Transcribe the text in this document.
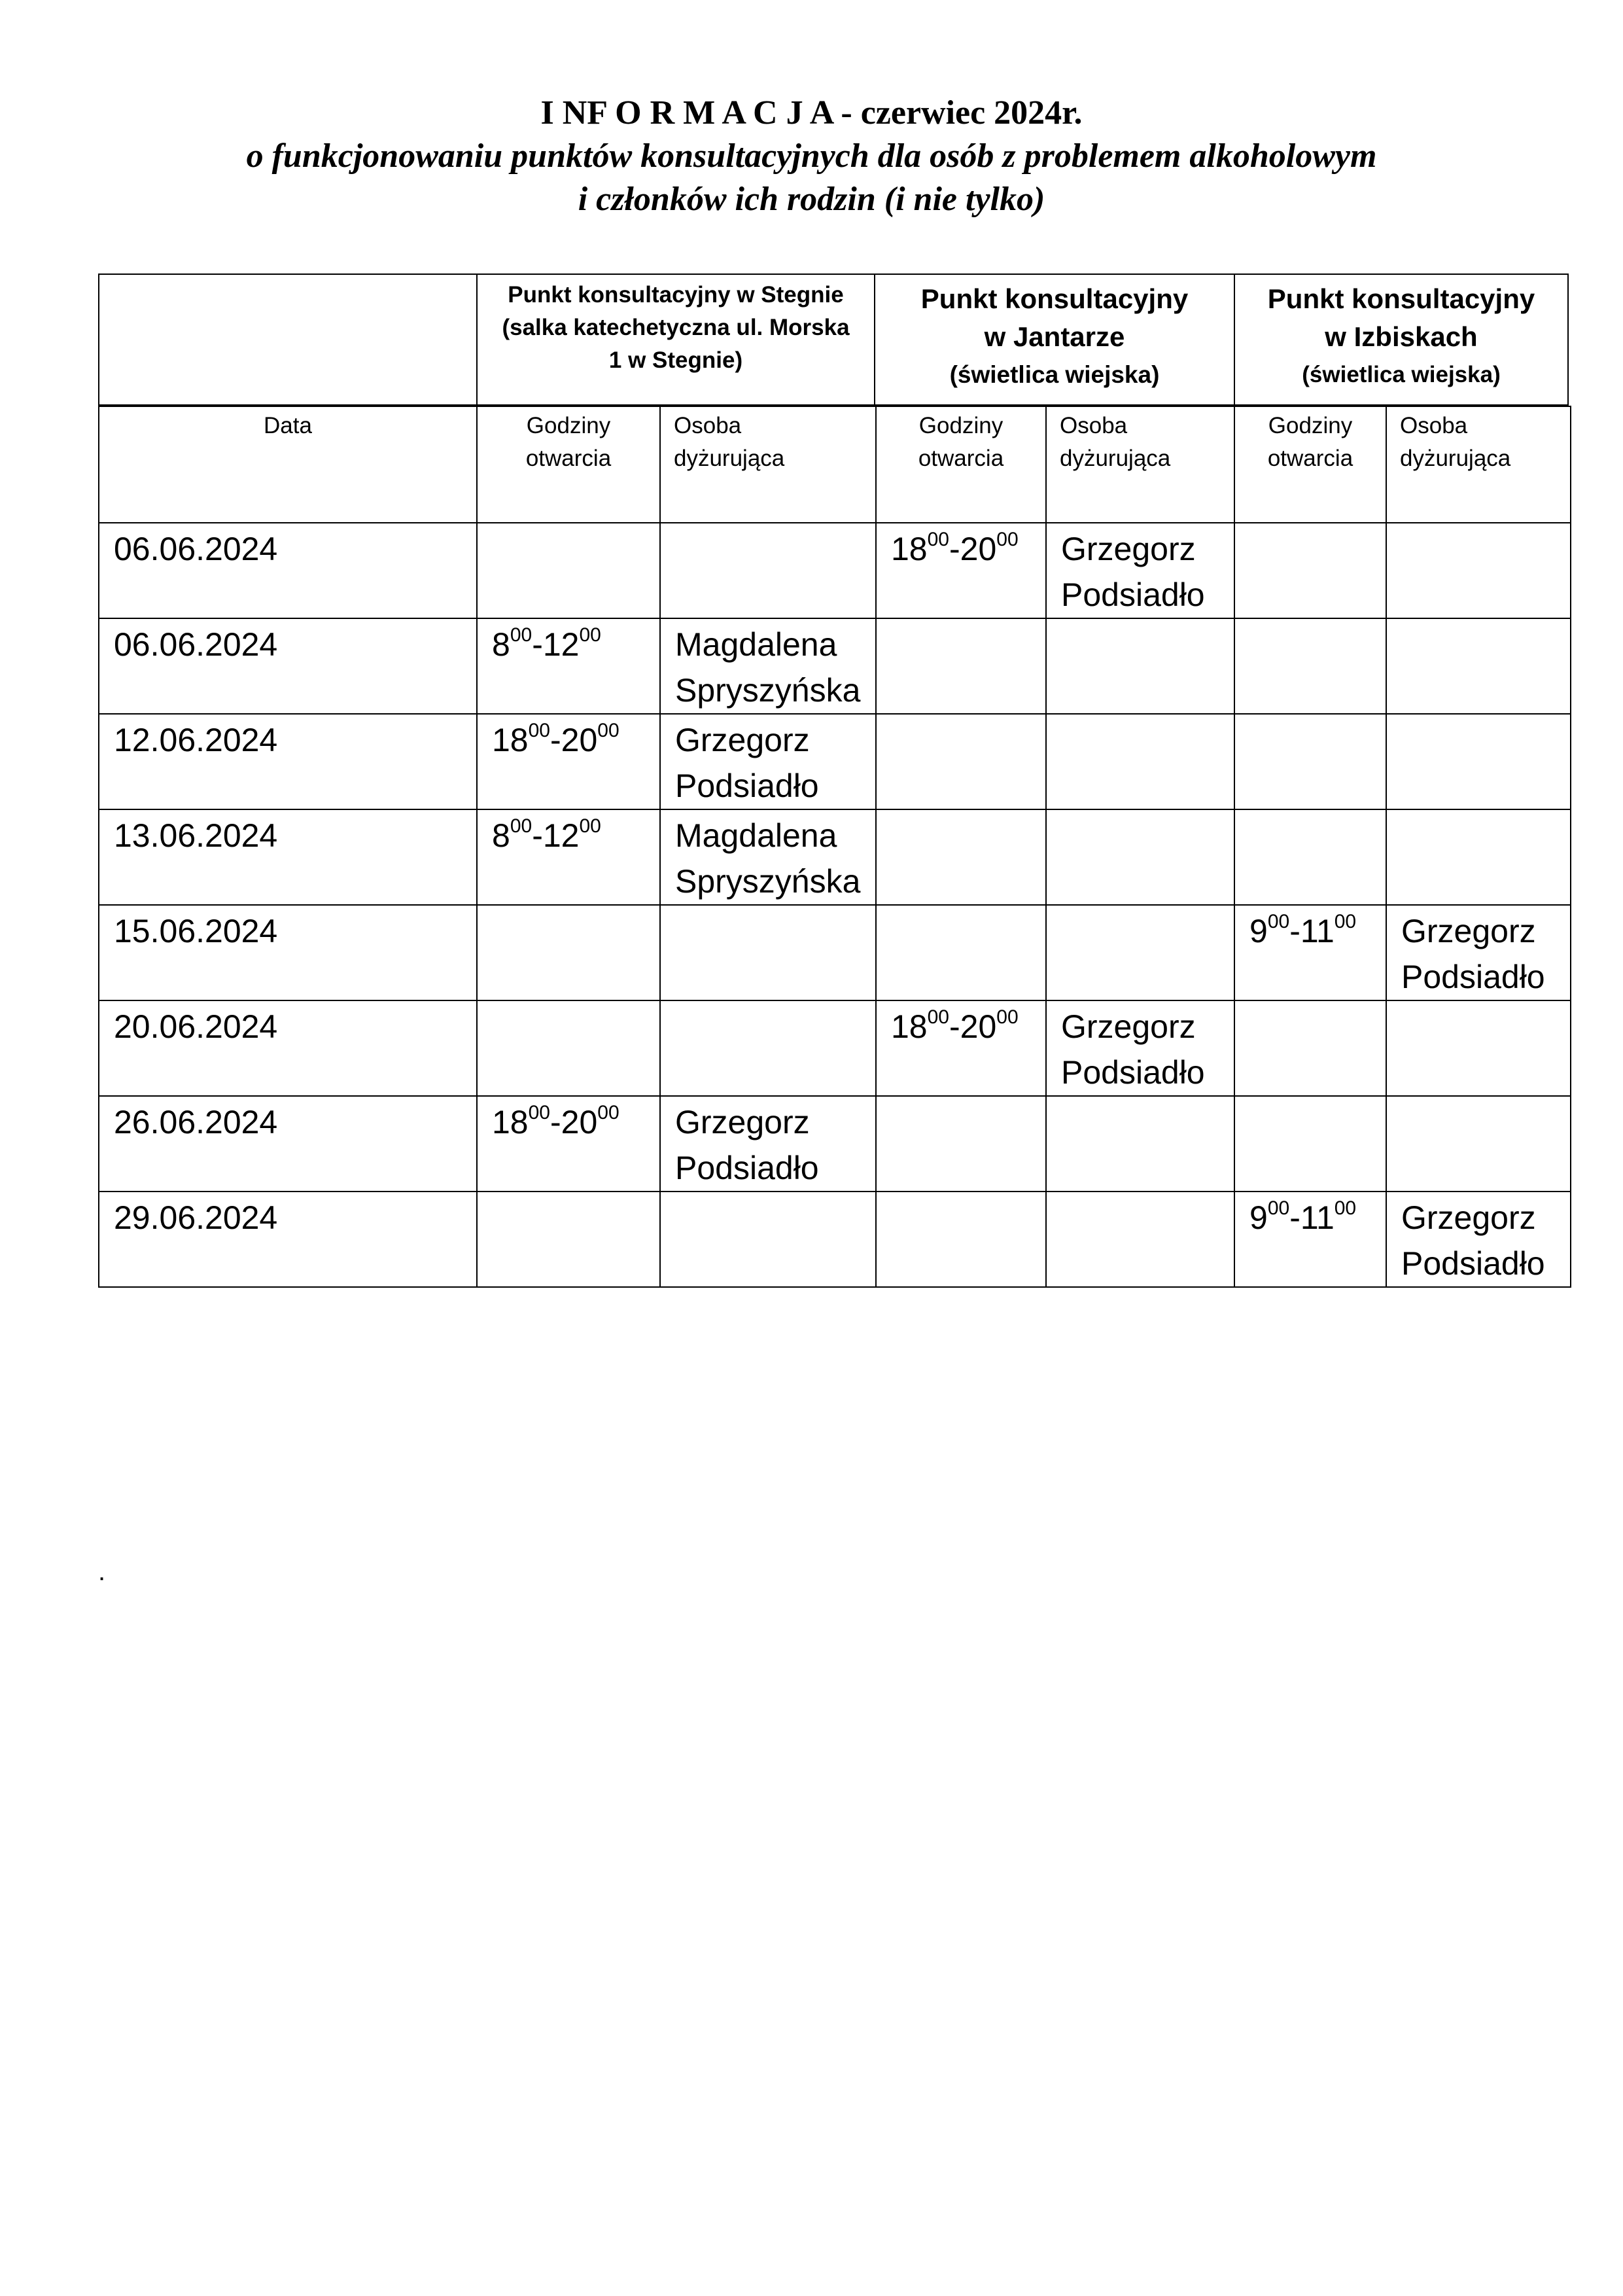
I NF O R M A C J A - czerwiec 2024r.
o funkcjonowaniu punktów konsultacyjnych dla osób z problemem alkoholowym
i członków ich rodzin (i nie tylko)
	Punkt konsultacyjny w Stegnie
(salka katechetyczna ul. Morska
1 w Stegnie)	Punkt konsultacyjny
w Jantarze
(świetlica wiejska)
	Punkt konsultacyjny
w Izbiskach
(świetlica wiejska)
Data	Godziny
otwarcia	Osoba
dyżurująca	Godziny
otwarcia	Osoba
dyżurująca	Godziny
otwarcia	Osoba
dyżurująca
06.06.2024			$18^{00}-20^{00}$	Grzegorz
Podsiadło		
06.06.2024	$8^{00}-12^{00}$	Magdalena
Spryszyńska				
12.06.2024	$18^{00}-20^{00}$	Grzegorz
Podsiadło				
13.06.2024	$8^{00}-12^{00}$	Magdalena
Spryszyńska				
15.06.2024					$9^{00}-11^{00}$	Grzegorz
Podsiadło
20.06.2024			$18^{00}-20^{00}$	Grzegorz
Podsiadło		
26.06.2024	$18^{00}-20^{00}$	Grzegorz
Podsiadło				
29.06.2024					$9^{00}-11^{00}$	Grzegorz
Podsiadło
.
